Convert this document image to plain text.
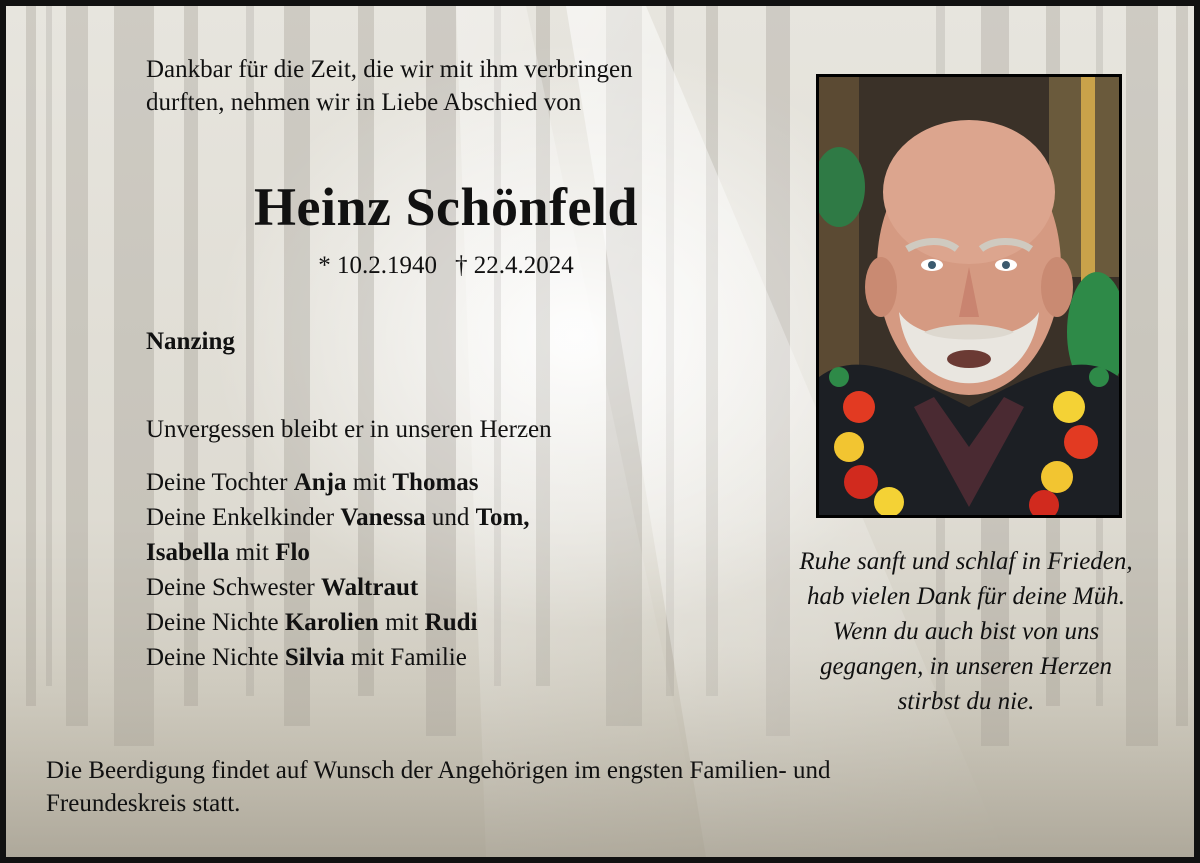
Dankbar für die Zeit, die wir mit ihm verbringen
durften, nehmen wir in Liebe Abschied von
Heinz Schönfeld
* 10.2.1940 † 22.4.2024
Nanzing
Unvergessen bleibt er in unseren Herzen
Deine Tochter Anja mit Thomas
Deine Enkelkinder Vanessa und Tom,
Isabella mit Flo
Deine Schwester Waltraut
Deine Nichte Karolien mit Rudi
Deine Nichte Silvia mit Familie
Ruhe sanft und schlaf in Frieden,
hab vielen Dank für deine Müh.
Wenn du auch bist von uns
gegangen, in unseren Herzen
stirbst du nie.
Die Beerdigung findet auf Wunsch der Angehörigen im engsten Familien- und
Freundeskreis statt.
